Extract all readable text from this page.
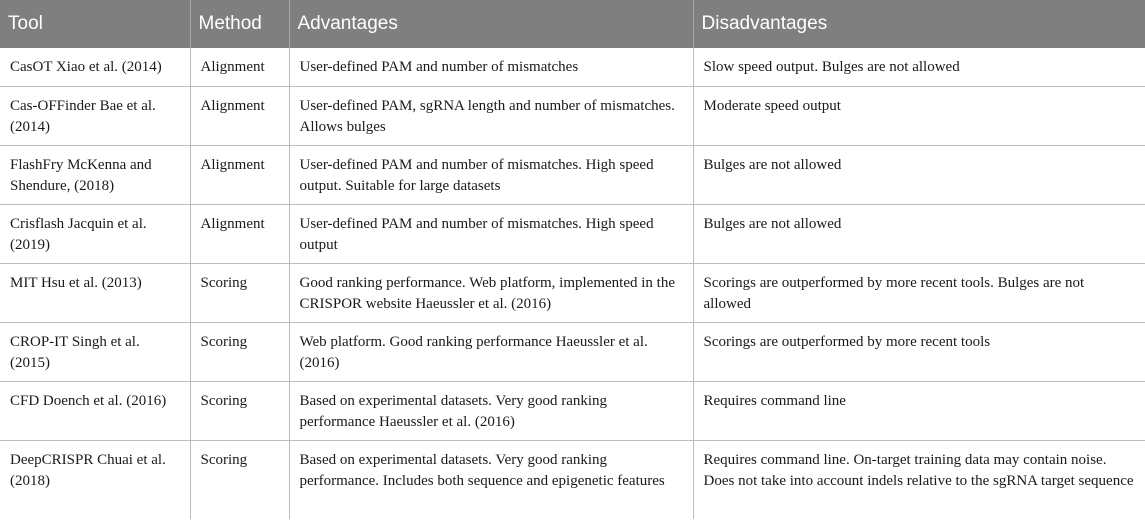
Tool	Method	Advantages	Disadvantages
CasOT Xiao et al. (2014)	Alignment	User-defined PAM and number of mismatches	Slow speed output. Bulges are not allowed
Cas-OFFinder Bae et al. (2014)	Alignment	User-defined PAM, sgRNA length and number of mismatches. Allows bulges	Moderate speed output
FlashFry McKenna and Shendure, (2018)	Alignment	User-defined PAM and number of mismatches. High speed output. Suitable for large datasets	Bulges are not allowed
Crisflash Jacquin et al. (2019)	Alignment	User-defined PAM and number of mismatches. High speed output	Bulges are not allowed
MIT Hsu et al. (2013)	Scoring	Good ranking performance. Web platform, implemented in the CRISPOR website Haeussler et al. (2016)	Scorings are outperformed by more recent tools. Bulges are not allowed
CROP-IT Singh et al. (2015)	Scoring	Web platform. Good ranking performance Haeussler et al. (2016)	Scorings are outperformed by more recent tools
CFD Doench et al. (2016)	Scoring	Based on experimental datasets. Very good ranking performance Haeussler et al. (2016)	Requires command line
DeepCRISPR Chuai et al. (2018)	Scoring	Based on experimental datasets. Very good ranking performance. Includes both sequence and epigenetic features	Requires command line. On-target training data may contain noise. Does not take into account indels relative to the sgRNA target sequence
